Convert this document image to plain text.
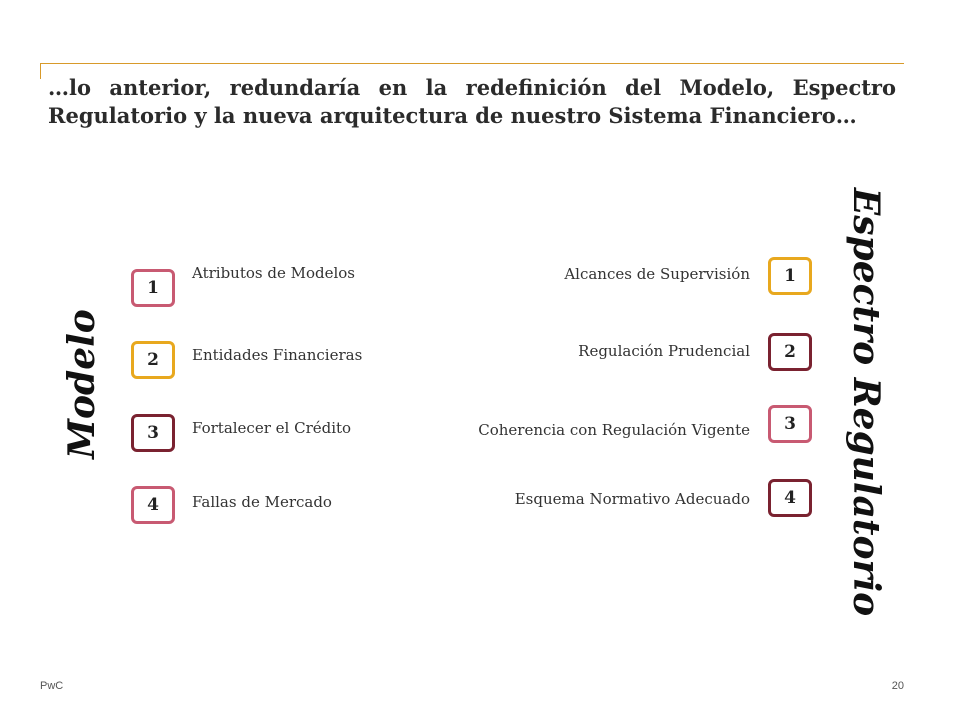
…lo anterior, redundaría en la redefinición del Modelo, Espectro Regulatorio y la nueva arquitectura de nuestro Sistema Financiero…
Modelo	Espectro Regulatorio
1
Atributos de Modelos
2	Entidades Financieras
3	Fortalecer el Crédito
4	Fallas de Mercado
Alcances de Supervisión	1
Regulación Prudencial	2
Coherencia con Regulación Vigente	3
Esquema Normativo Adecuado	4
PwC	20
